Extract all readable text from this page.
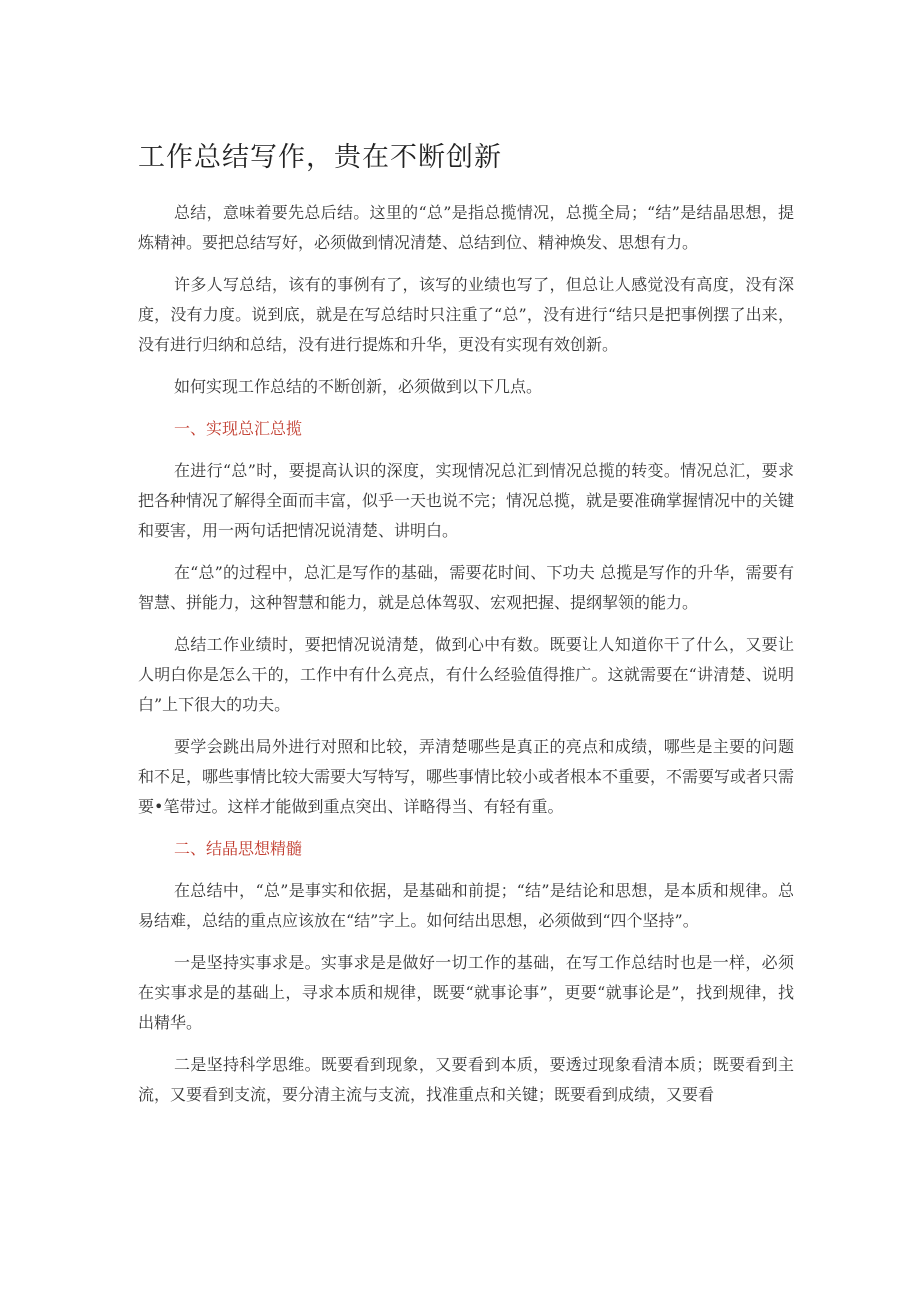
工作总结写作，贵在不断创新

总结，意味着要先总后结。这里的“总”是指总揽情况，总揽全局；“结”是结晶思想，提炼精神。要把总结写好，必须做到情况清楚、总结到位、精神焕发、思想有力。

许多人写总结，该有的事例有了，该写的业绩也写了，但总让人感觉没有高度，没有深度，没有力度。说到底，就是在写总结时只注重了“总”，没有进行“结只是把事例摆了出来，没有进行归纳和总结，没有进行提炼和升华，更没有实现有效创新。

如何实现工作总结的不断创新，必须做到以下几点。

一、实现总汇总揽

在进行“总”时，要提高认识的深度，实现情况总汇到情况总揽的转变。情况总汇，要求把各种情况了解得全面而丰富，似乎一天也说不完；情况总揽，就是要准确掌握情况中的关键和要害，用一两句话把情况说清楚、讲明白。

在“总”的过程中，总汇是写作的基础，需要花时间、下功夫 总揽是写作的升华，需要有智慧、拼能力，这种智慧和能力，就是总体驾驭、宏观把握、提纲挈领的能力。

总结工作业绩时，要把情况说清楚，做到心中有数。既要让人知道你干了什么，又要让人明白你是怎么干的，工作中有什么亮点，有什么经验值得推广。这就需要在“讲清楚、说明白”上下很大的功夫。

要学会跳出局外进行对照和比较，弄清楚哪些是真正的亮点和成绩，哪些是主要的问题和不足，哪些事情比较大需要大写特写，哪些事情比较小或者根本不重要，不需要写或者只需要•笔带过。这样才能做到重点突出、详略得当、有轻有重。

二、结晶思想精髓

在总结中，“总”是事实和依据，是基础和前提；“结”是结论和思想，是本质和规律。总易结难，总结的重点应该放在“结”字上。如何结出思想，必须做到“四个坚持”。

一是坚持实事求是。实事求是是做好一切工作的基础，在写工作总结时也是一样，必须在实事求是的基础上，寻求本质和规律，既要“就事论事”，更要“就事论是”，找到规律，找出精华。

二是坚持科学思维。既要看到现象，又要看到本质，要透过现象看清本质；既要看到主流，又要看到支流，要分清主流与支流，找准重点和关键；既要看到成绩，又要看
